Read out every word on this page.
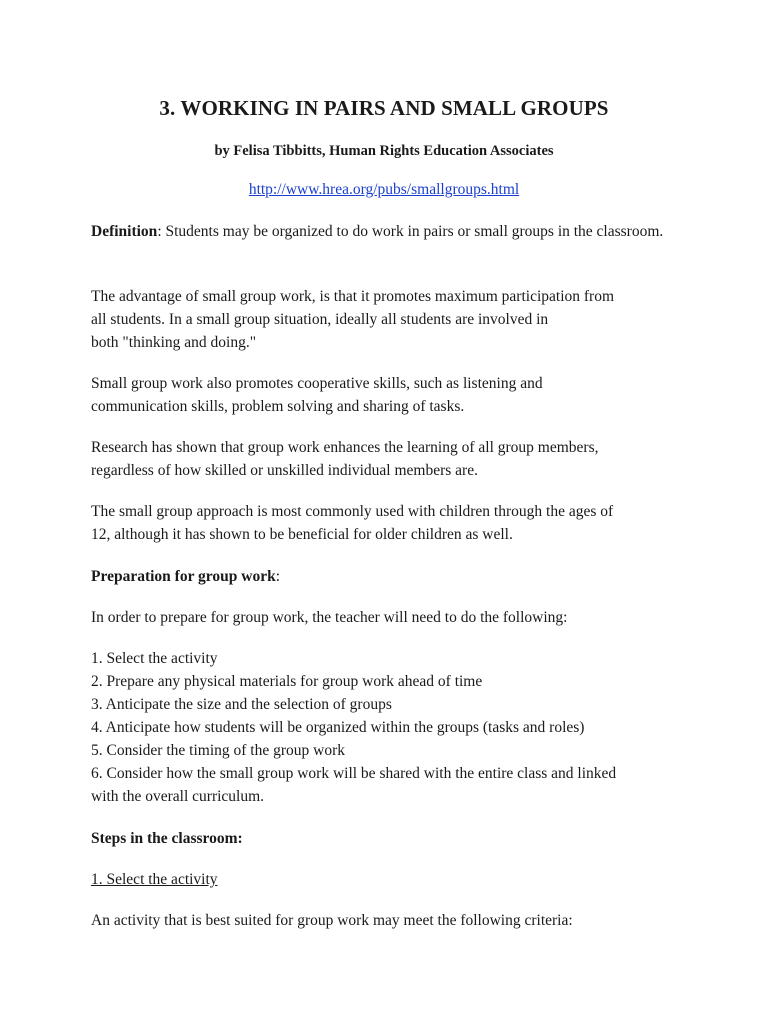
3. WORKING IN PAIRS AND SMALL GROUPS

by Felisa Tibbitts, Human Rights Education Associates

http://www.hrea.org/pubs/smallgroups.html

Definition: Students may be organized to do work in pairs or small groups in the classroom.

The advantage of small group work, is that it promotes maximum participation from
all students. In a small group situation, ideally all students are involved in
both "thinking and doing."

Small group work also promotes cooperative skills, such as listening and
communication skills, problem solving and sharing of tasks.

Research has shown that group work enhances the learning of all group members,
regardless of how skilled or unskilled individual members are.

The small group approach is most commonly used with children through the ages of
12, although it has shown to be beneficial for older children as well.

Preparation for group work:

In order to prepare for group work, the teacher will need to do the following:

1. Select the activity
2. Prepare any physical materials for group work ahead of time
3. Anticipate the size and the selection of groups
4. Anticipate how students will be organized within the groups (tasks and roles)
5. Consider the timing of the group work
6. Consider how the small group work will be shared with the entire class and linked
with the overall curriculum.

Steps in the classroom:

1. Select the activity

An activity that is best suited for group work may meet the following criteria:
